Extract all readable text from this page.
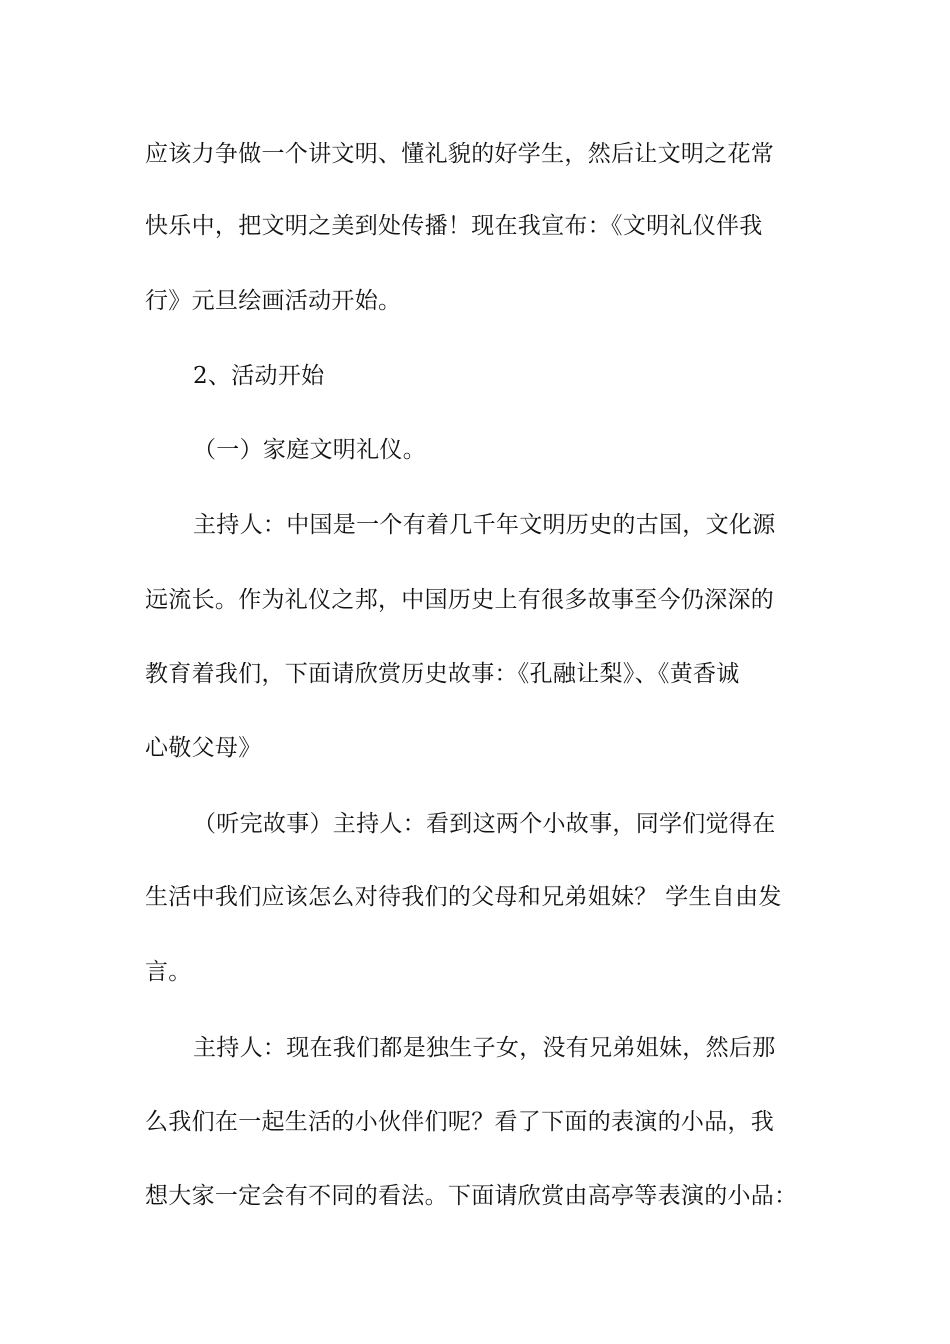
应该力争做一个讲文明、懂礼貌的好学生，然后让文明之花常
快乐中，把文明之美到处传播！现在我宣布：《文明礼仪伴我
行》元旦绘画活动开始。
2、活动开始
（一）家庭文明礼仪。
主持人：中国是一个有着几千年文明历史的古国，文化源
远流长。作为礼仪之邦，中国历史上有很多故事至今仍深深的
教育着我们，下面请欣赏历史故事：《孔融让梨》、《黄香诚
心敬父母》
（听完故事）主持人：看到这两个小故事，同学们觉得在
生活中我们应该怎么对待我们的父母和兄弟姐妹？ 学生自由发
言。
主持人：现在我们都是独生子女，没有兄弟姐妹，然后那
么我们在一起生活的小伙伴们呢？看了下面的表演的小品，我
想大家一定会有不同的看法。下面请欣赏由高亭等表演的小品：
